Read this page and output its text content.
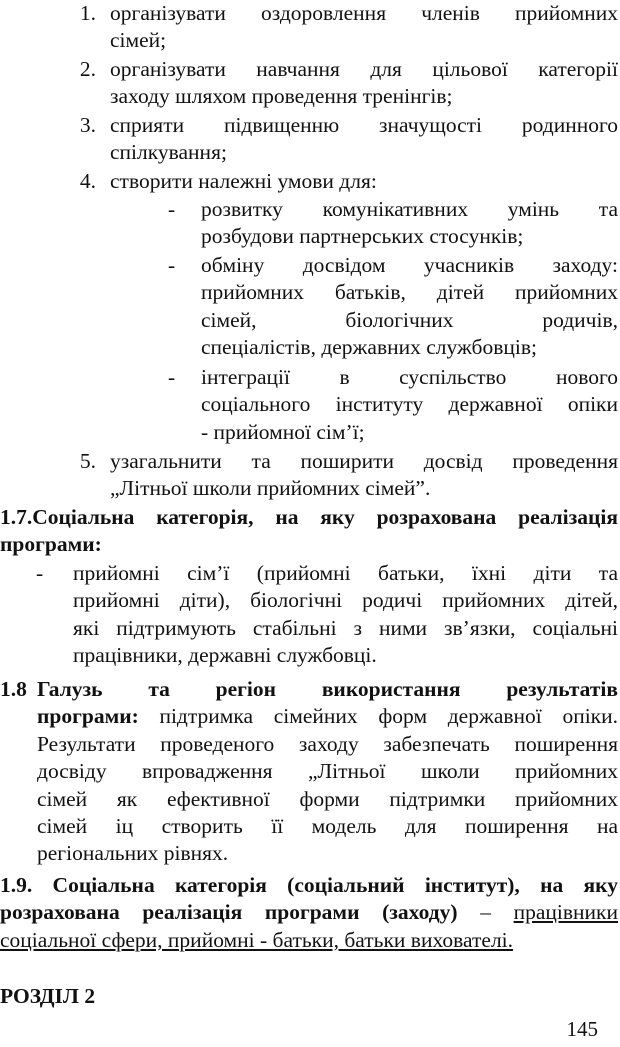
1. організувати оздоровлення членів прийомних
сімей;
2. організувати навчання для цільової категорії
заходу шляхом проведення тренінгів;
3. сприяти підвищенню значущості родинного
спілкування;
4. створити належні умови для:
-	розвитку комунікативних умінь та
розбудови партнерських стосунків;
-	обміну досвідом учасників заходу:
прийомних батьків, дітей прийомних
сімей, біологічних родичів,
спеціалістів, державних службовців;
-	інтеграції в суспільство нового
соціального інституту державної опіки
- прийомної сім’ї;
5. узагальнити та поширити досвід проведення
„Літньої школи прийомних сімей”.
1.7.Соціальна категорія, на яку розрахована реалізація
програми:
-	прийомні сім’ї (прийомні батьки, їхні діти та
прийомні діти), біологічні родичі прийомних дітей,
які підтримують стабільні з ними зв’язки, соціальні
працівники, державні службовці.
1.8 Галузь та регіон використання результатів
програми: підтримка сімейних форм державної опіки.
Результати проведеного заходу забезпечать поширення
досвіду впровадження „Літньої школи прийомних
сімей як ефективної форми підтримки прийомних
сімей іц створить її модель для поширення на
регіональних рівнях.
1.9. Соціальна категорія (соціальний інститут), на яку
розрахована реалізація програми (заходу) – працівники
соціальної сфери, прийомні - батьки, батьки вихователі.
РОЗДІЛ 2
145
